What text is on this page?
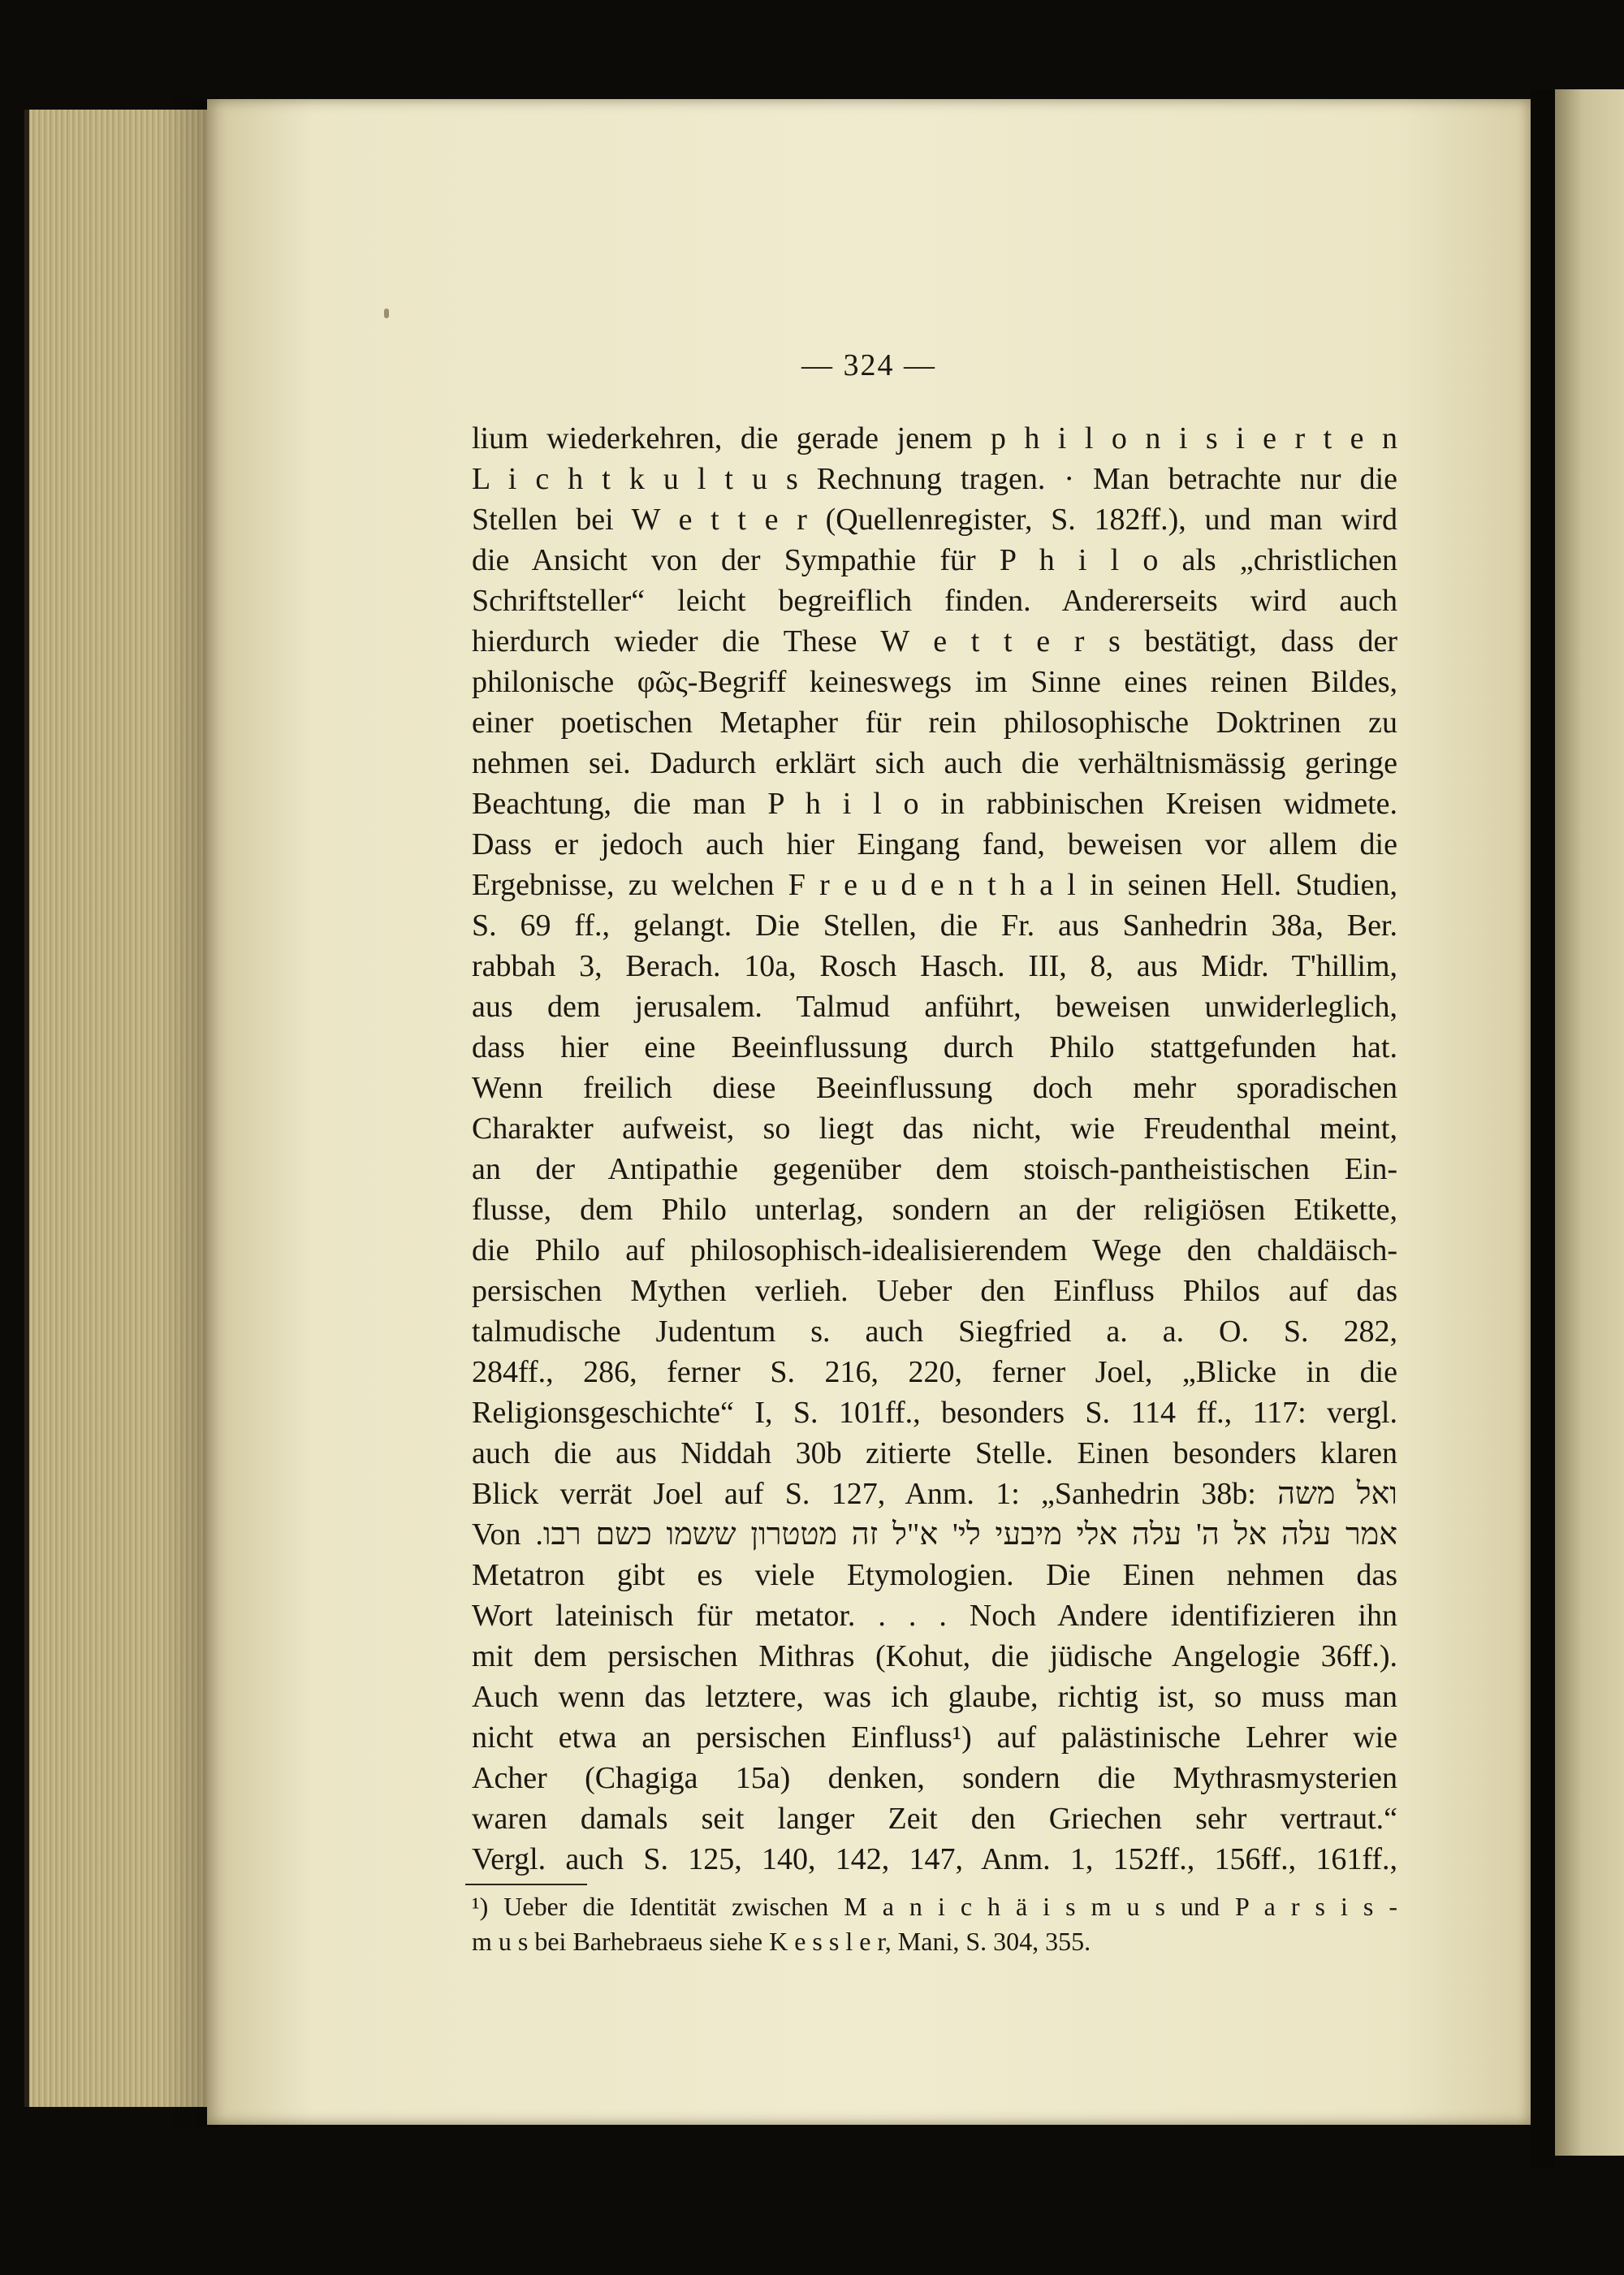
— 324 —
lium wiederkehren, die gerade jenem p h i l o n i s i e r t e n
L i c h t k u l t u s Rechnung tragen. · Man betrachte nur die
Stellen bei W e t t e r (Quellenregister, S. 182ff.), und man wird
die Ansicht von der Sympathie für P h i l o als „christlichen
Schriftsteller“ leicht begreiflich finden. Andererseits wird auch
hierdurch wieder die These W e t t e r s bestätigt, dass der
philonische φῶς-Begriff keineswegs im Sinne eines reinen Bildes,
einer poetischen Metapher für rein philosophische Doktrinen zu
nehmen sei. Dadurch erklärt sich auch die verhältnismässig geringe
Beachtung, die man P h i l o in rabbinischen Kreisen widmete.
Dass er jedoch auch hier Eingang fand, beweisen vor allem die
Ergebnisse, zu welchen F r e u d e n t h a l in seinen Hell. Studien,
S. 69 ff., gelangt. Die Stellen, die Fr. aus Sanhedrin 38a, Ber.
rabbah 3, Berach. 10a, Rosch Hasch. III, 8, aus Midr. T'hillim,
aus dem jerusalem. Talmud anführt, beweisen unwiderleglich,
dass hier eine Beeinflussung durch Philo stattgefunden hat.
Wenn freilich diese Beeinflussung doch mehr sporadischen
Charakter aufweist, so liegt das nicht, wie Freudenthal meint,
an der Antipathie gegenüber dem stoisch-pantheistischen Ein-
flusse, dem Philo unterlag, sondern an der religiösen Etikette,
die Philo auf philosophisch-idealisierendem Wege den chaldäisch-
persischen Mythen verlieh. Ueber den Einfluss Philos auf das
talmudische Judentum s. auch Siegfried a. a. O. S. 282,
284ff., 286, ferner S. 216, 220, ferner Joel, „Blicke in die
Religionsgeschichte“ I, S. 101ff., besonders S. 114 ff., 117: vergl.
auch die aus Niddah 30b zitierte Stelle. Einen besonders klaren
Blick verrät Joel auf S. 127, Anm. 1: „Sanhedrin 38b: ואל משה
אמר עלה אל ה' עלה אלי מיבעי לי' א"ל זה מטטרון ששמו כשם רבו. Von
Metatron gibt es viele Etymologien. Die Einen nehmen das
Wort lateinisch für metator. . . . Noch Andere identifizieren ihn
mit dem persischen Mithras (Kohut, die jüdische Angelogie 36ff.).
Auch wenn das letztere, was ich glaube, richtig ist, so muss man
nicht etwa an persischen Einfluss¹) auf palästinische Lehrer wie
Acher (Chagiga 15a) denken, sondern die Mythrasmysterien
waren damals seit langer Zeit den Griechen sehr vertraut.“
Vergl. auch S. 125, 140, 142, 147, Anm. 1, 152ff., 156ff., 161ff.,
¹) Ueber die Identität zwischen M a n i c h ä i s m u s und P a r s i s -
m u s bei Barhebraeus siehe K e s s l e r, Mani, S. 304, 355.
